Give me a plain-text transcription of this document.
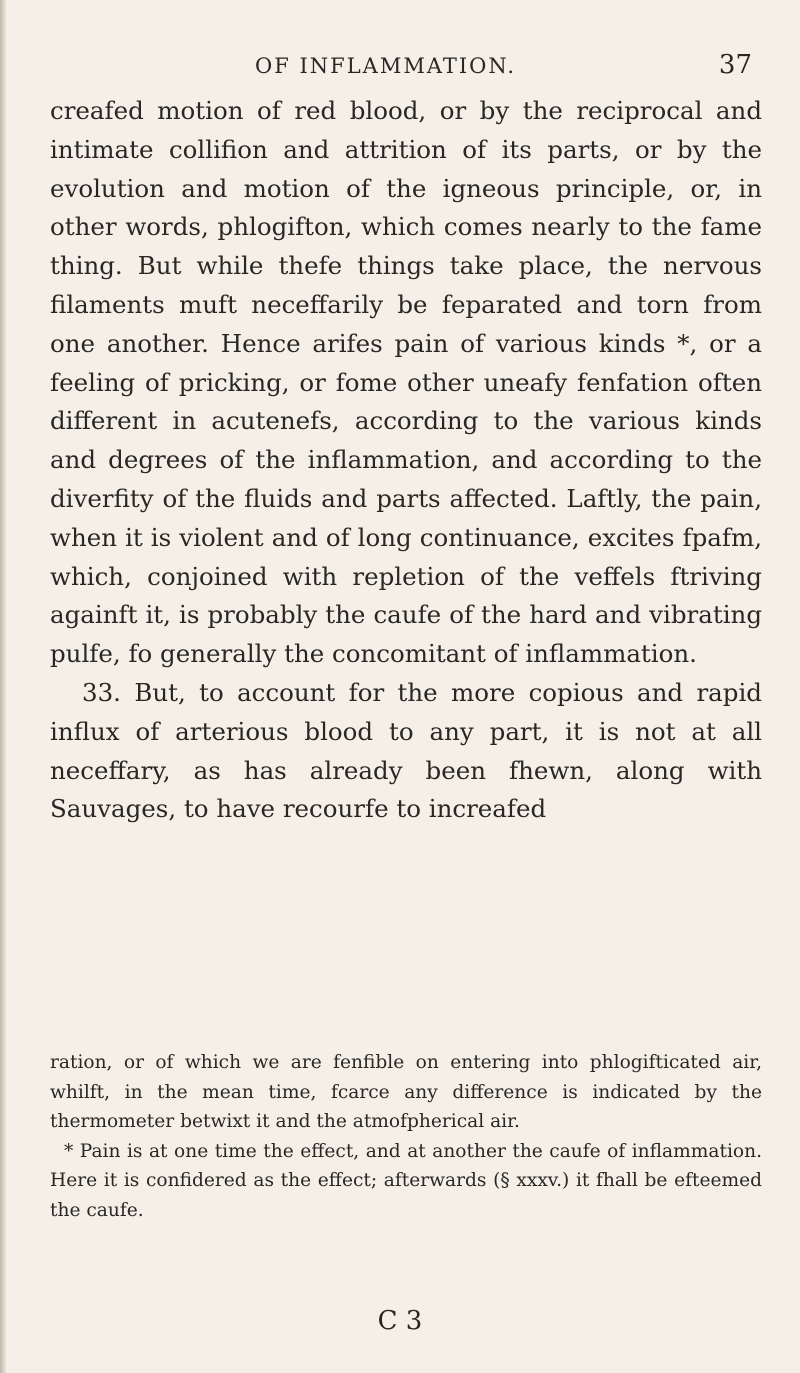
OF INFLAMMATION.	37

creafed motion of red blood, or by the reciprocal and intimate collifion and attrition of its parts, or by the evolution and motion of the igneous principle, or, in other words, phlogifton, which comes nearly to the fame thing. But while thefe things take place, the nervous filaments muft neceffarily be feparated and torn from one another. Hence arifes pain of various kinds *, or a feeling of pricking, or fome other uneafy fenfation often different in acutenefs, according to the various kinds and degrees of the inflammation, and according to the diverfity of the fluids and parts affected. Laftly, the pain, when it is violent and of long continuance, excites fpafm, which, conjoined with repletion of the veffels ftriving againft it, is probably the caufe of the hard and vibrating pulfe, fo generally the concomitant of inflammation.

33. But, to account for the more copious and rapid influx of arterious blood to any part, it is not at all neceffary, as has already been fhewn, along with Sauvages, to have recourfe to increafed

ration, or of which we are fenfible on entering into phlogifticated air, whilft, in the mean time, fcarce any difference is indicated by the thermometer betwixt it and the atmofpherical air.

* Pain is at one time the effect, and at another the caufe of inflammation. Here it is confidered as the effect; afterwards (§ xxxv.) it fhall be efteemed the caufe.

C 3
